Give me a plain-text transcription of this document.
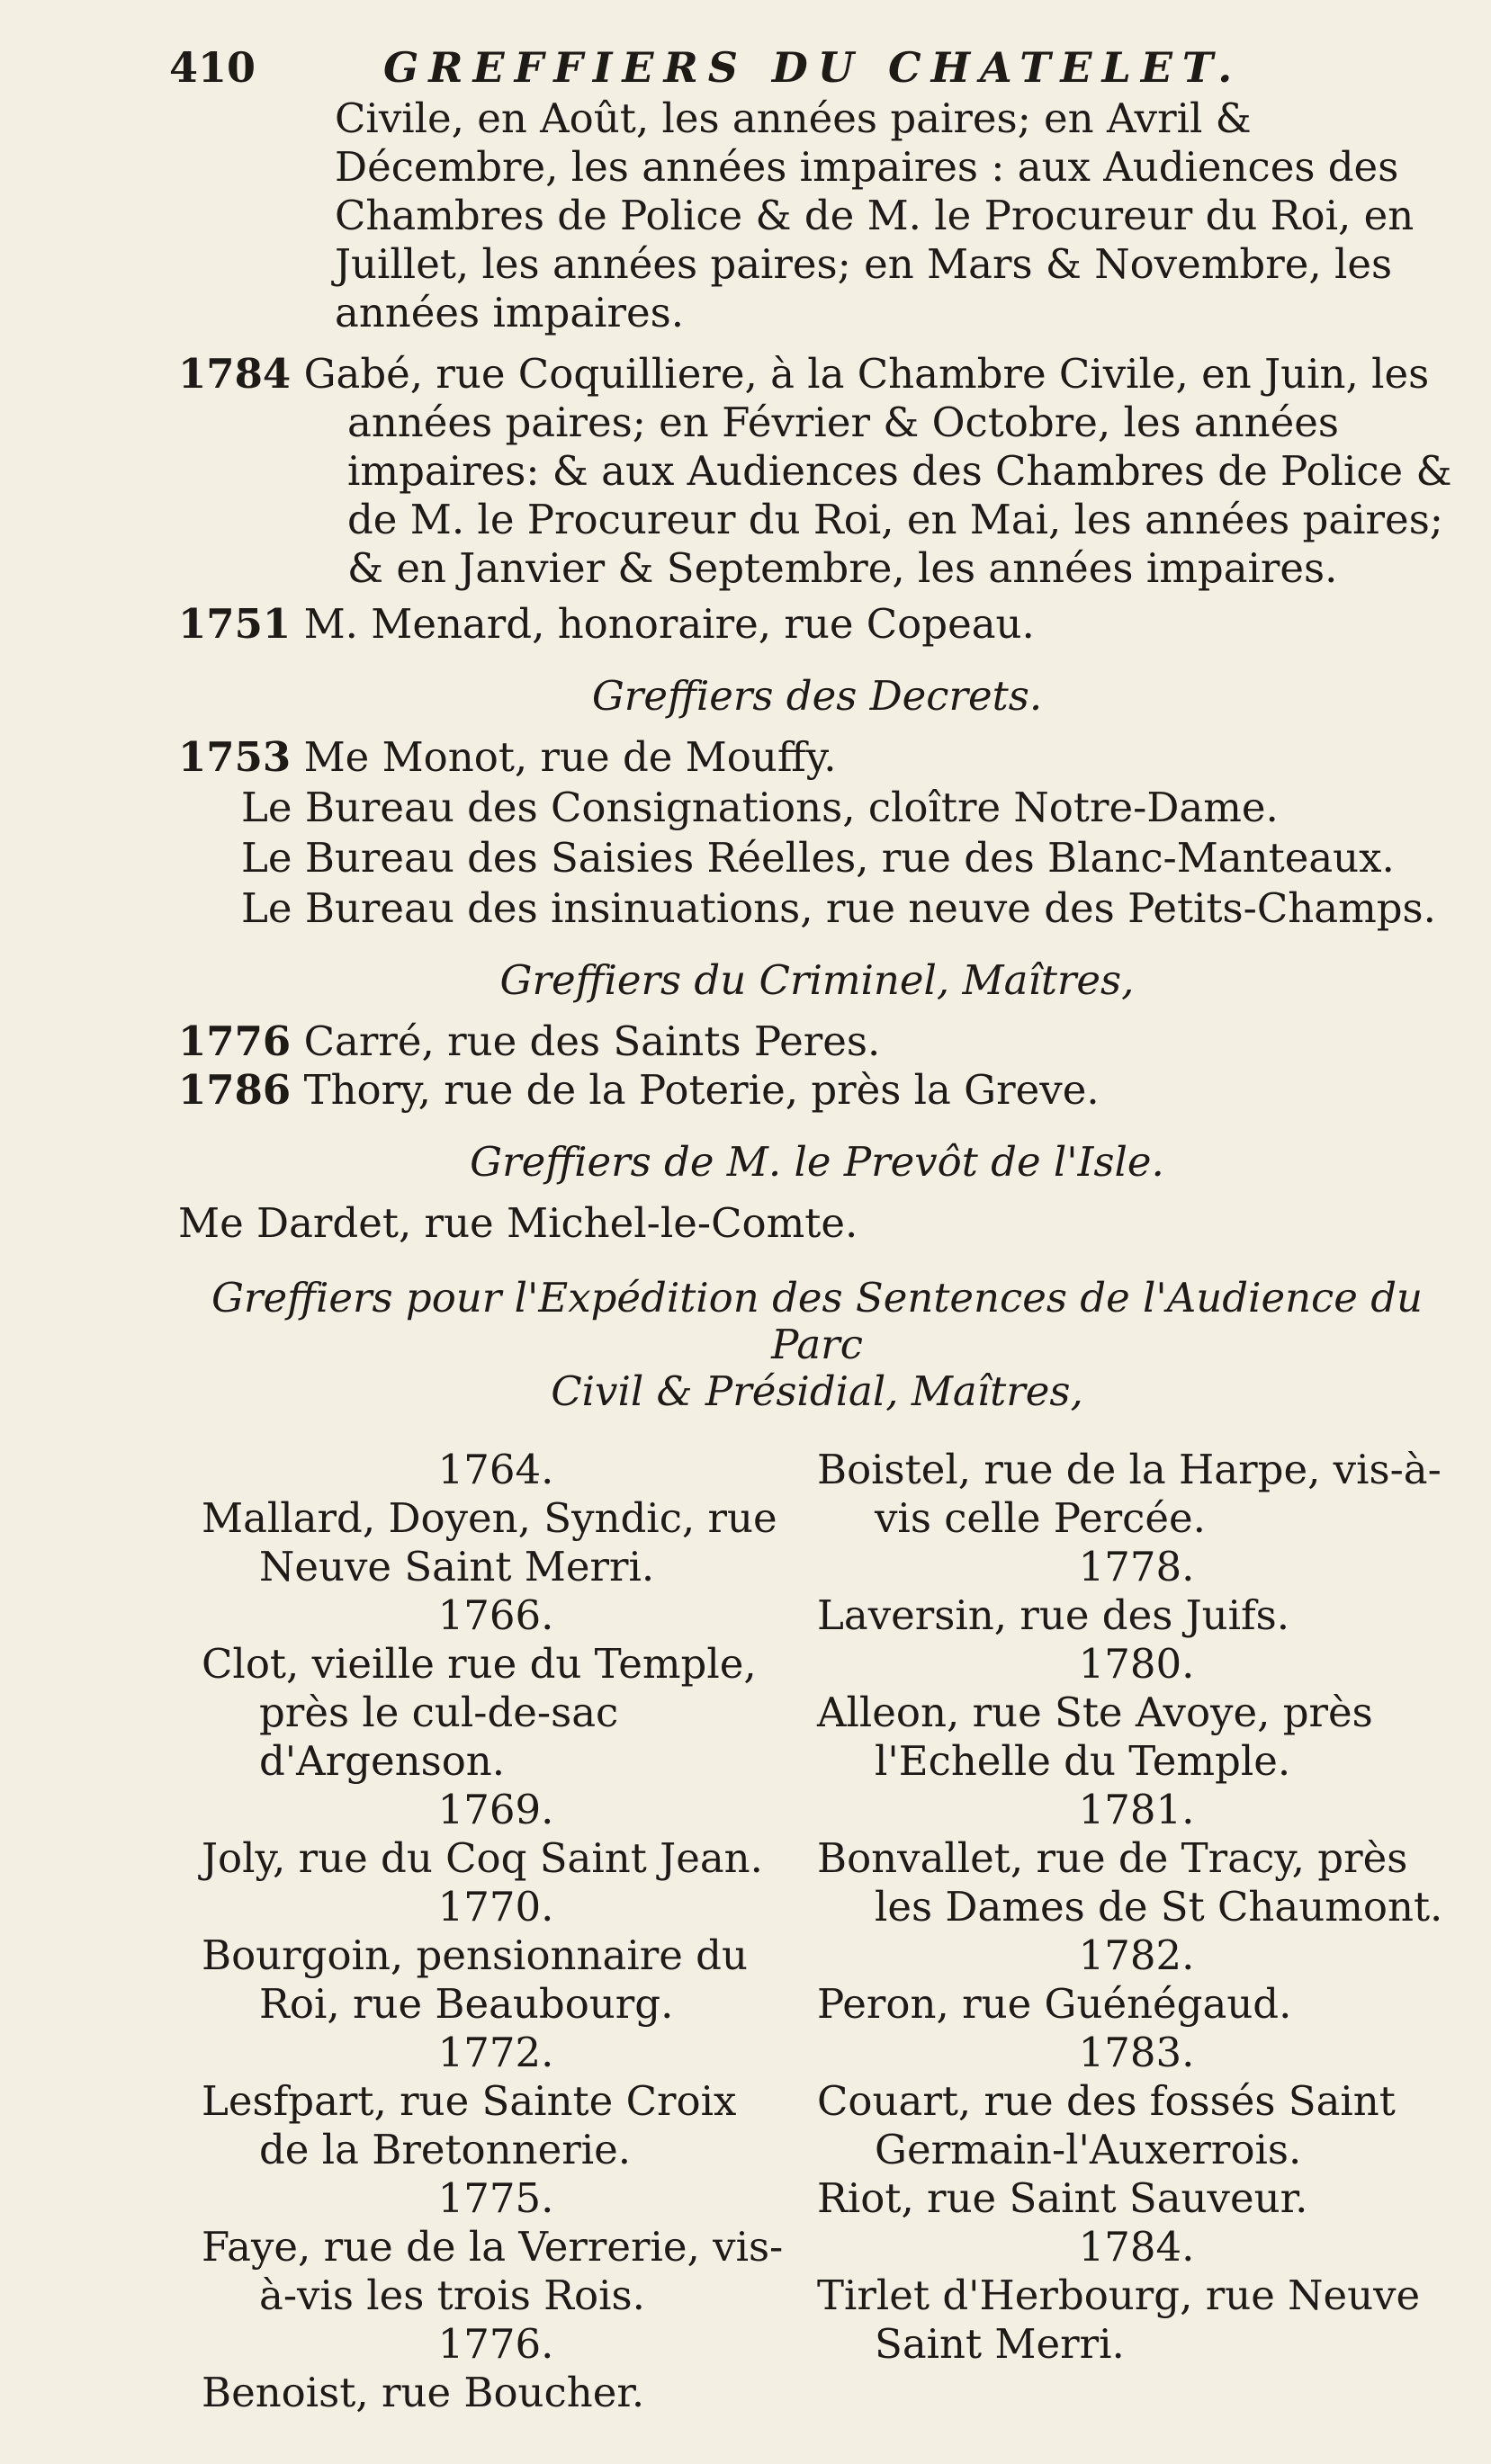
410	GREFFIERS DU CHATELET.

Civile, en Août, les années paires; en Avril & Décembre, les années impaires : aux Audiences des Chambres de Police & de M. le Procureur du Roi, en Juillet, les années paires; en Mars & Novembre, les années impaires.

1784 Gabé, rue Coquilliere, à la Chambre Civile, en Juin, les années paires; en Février & Octobre, les années impaires: & aux Audiences des Chambres de Police & de M. le Procureur du Roi, en Mai, les années paires; & en Janvier & Septembre, les années impaires.

1751 M. Menard, honoraire, rue Copeau.

Greffiers des Decrets.

1753 Me Monot, rue de Mouffy.

Le Bureau des Consignations, cloître Notre-Dame.

Le Bureau des Saisies Réelles, rue des Blanc-Manteaux.

Le Bureau des insinuations, rue neuve des Petits-Champs.

Greffiers du Criminel, Maîtres,

1776 Carré, rue des Saints Peres.

1786 Thory, rue de la Poterie, près la Greve.

Greffiers de M. le Prevôt de l'Isle.

Me Dardet, rue Michel-le-Comte.

Greffiers pour l'Expédition des Sentences de l'Audience du Parc
Civil & Présidial, Maîtres,

1764.

Mallard, Doyen, Syndic, rue Neuve Saint Merri.

1766.

Clot, vieille rue du Temple, près le cul-de-sac d'Argenson.

1769.

Joly, rue du Coq Saint Jean.

1770.

Bourgoin, pensionnaire du Roi, rue Beaubourg.

1772.

Lesfpart, rue Sainte Croix de la Bretonnerie.

1775.

Faye, rue de la Verrerie, vis-à-vis les trois Rois.

1776.

Benoist, rue Boucher.

Boistel, rue de la Harpe, vis-à-vis celle Percée.

1778.

Laversin, rue des Juifs.

1780.

Alleon, rue Ste Avoye, près l'Echelle du Temple.

1781.

Bonvallet, rue de Tracy, près les Dames de St Chaumont.

1782.

Peron, rue Guénégaud.

1783.

Couart, rue des fossés Saint Germain-l'Auxerrois.

Riot, rue Saint Sauveur.

1784.

Tirlet d'Herbourg, rue Neuve Saint Merri.
